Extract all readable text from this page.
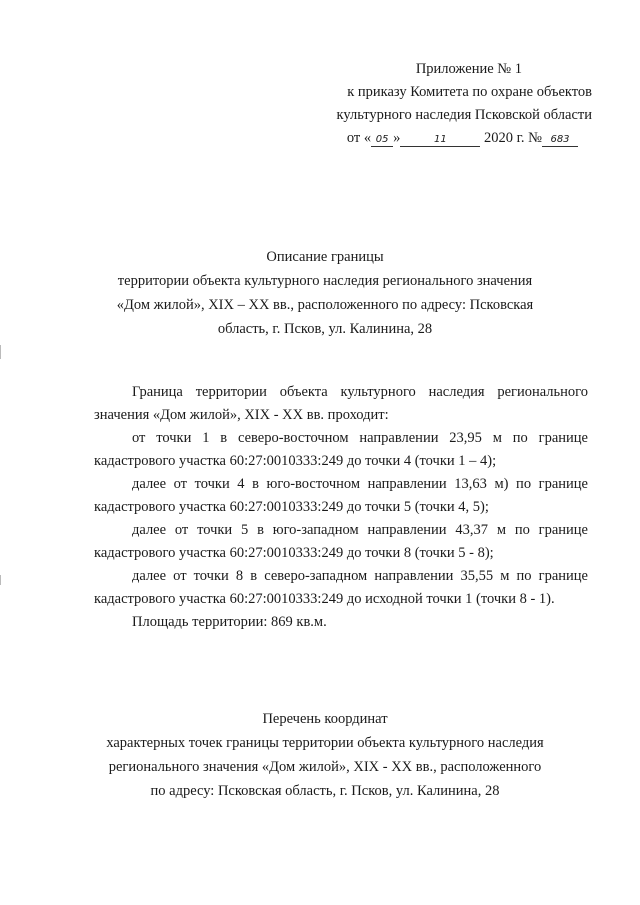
Приложение № 1
к приказу Комитета по охране объектов
культурного наследия Псковской области
от « 05 »	11	2020 г. № 683
Описание границы
территории объекта культурного наследия регионального значения
«Дом жилой», XIX – XX вв., расположенного по адресу: Псковская
область, г. Псков, ул. Калинина, 28
Граница территории объекта культурного наследия регионального значения «Дом жилой», XIX - XX вв. проходит:
от точки 1 в северо-восточном направлении 23,95 м по границе кадастрового участка 60:27:0010333:249 до точки 4 (точки 1 – 4);
далее от точки 4 в юго-восточном направлении 13,63 м) по границе кадастрового участка 60:27:0010333:249 до точки 5 (точки 4, 5);
далее от точки 5 в юго-западном направлении 43,37 м по границе кадастрового участка 60:27:0010333:249 до точки 8 (точки 5 - 8);
далее от точки 8 в северо-западном направлении 35,55 м по границе кадастрового участка 60:27:0010333:249 до исходной точки 1 (точки 8 - 1).
Площадь территории: 869 кв.м.
Перечень координат
характерных точек границы территории объекта культурного наследия
регионального значения «Дом жилой», XIX - XX вв., расположенного
по адресу: Псковская область, г. Псков, ул. Калинина, 28
